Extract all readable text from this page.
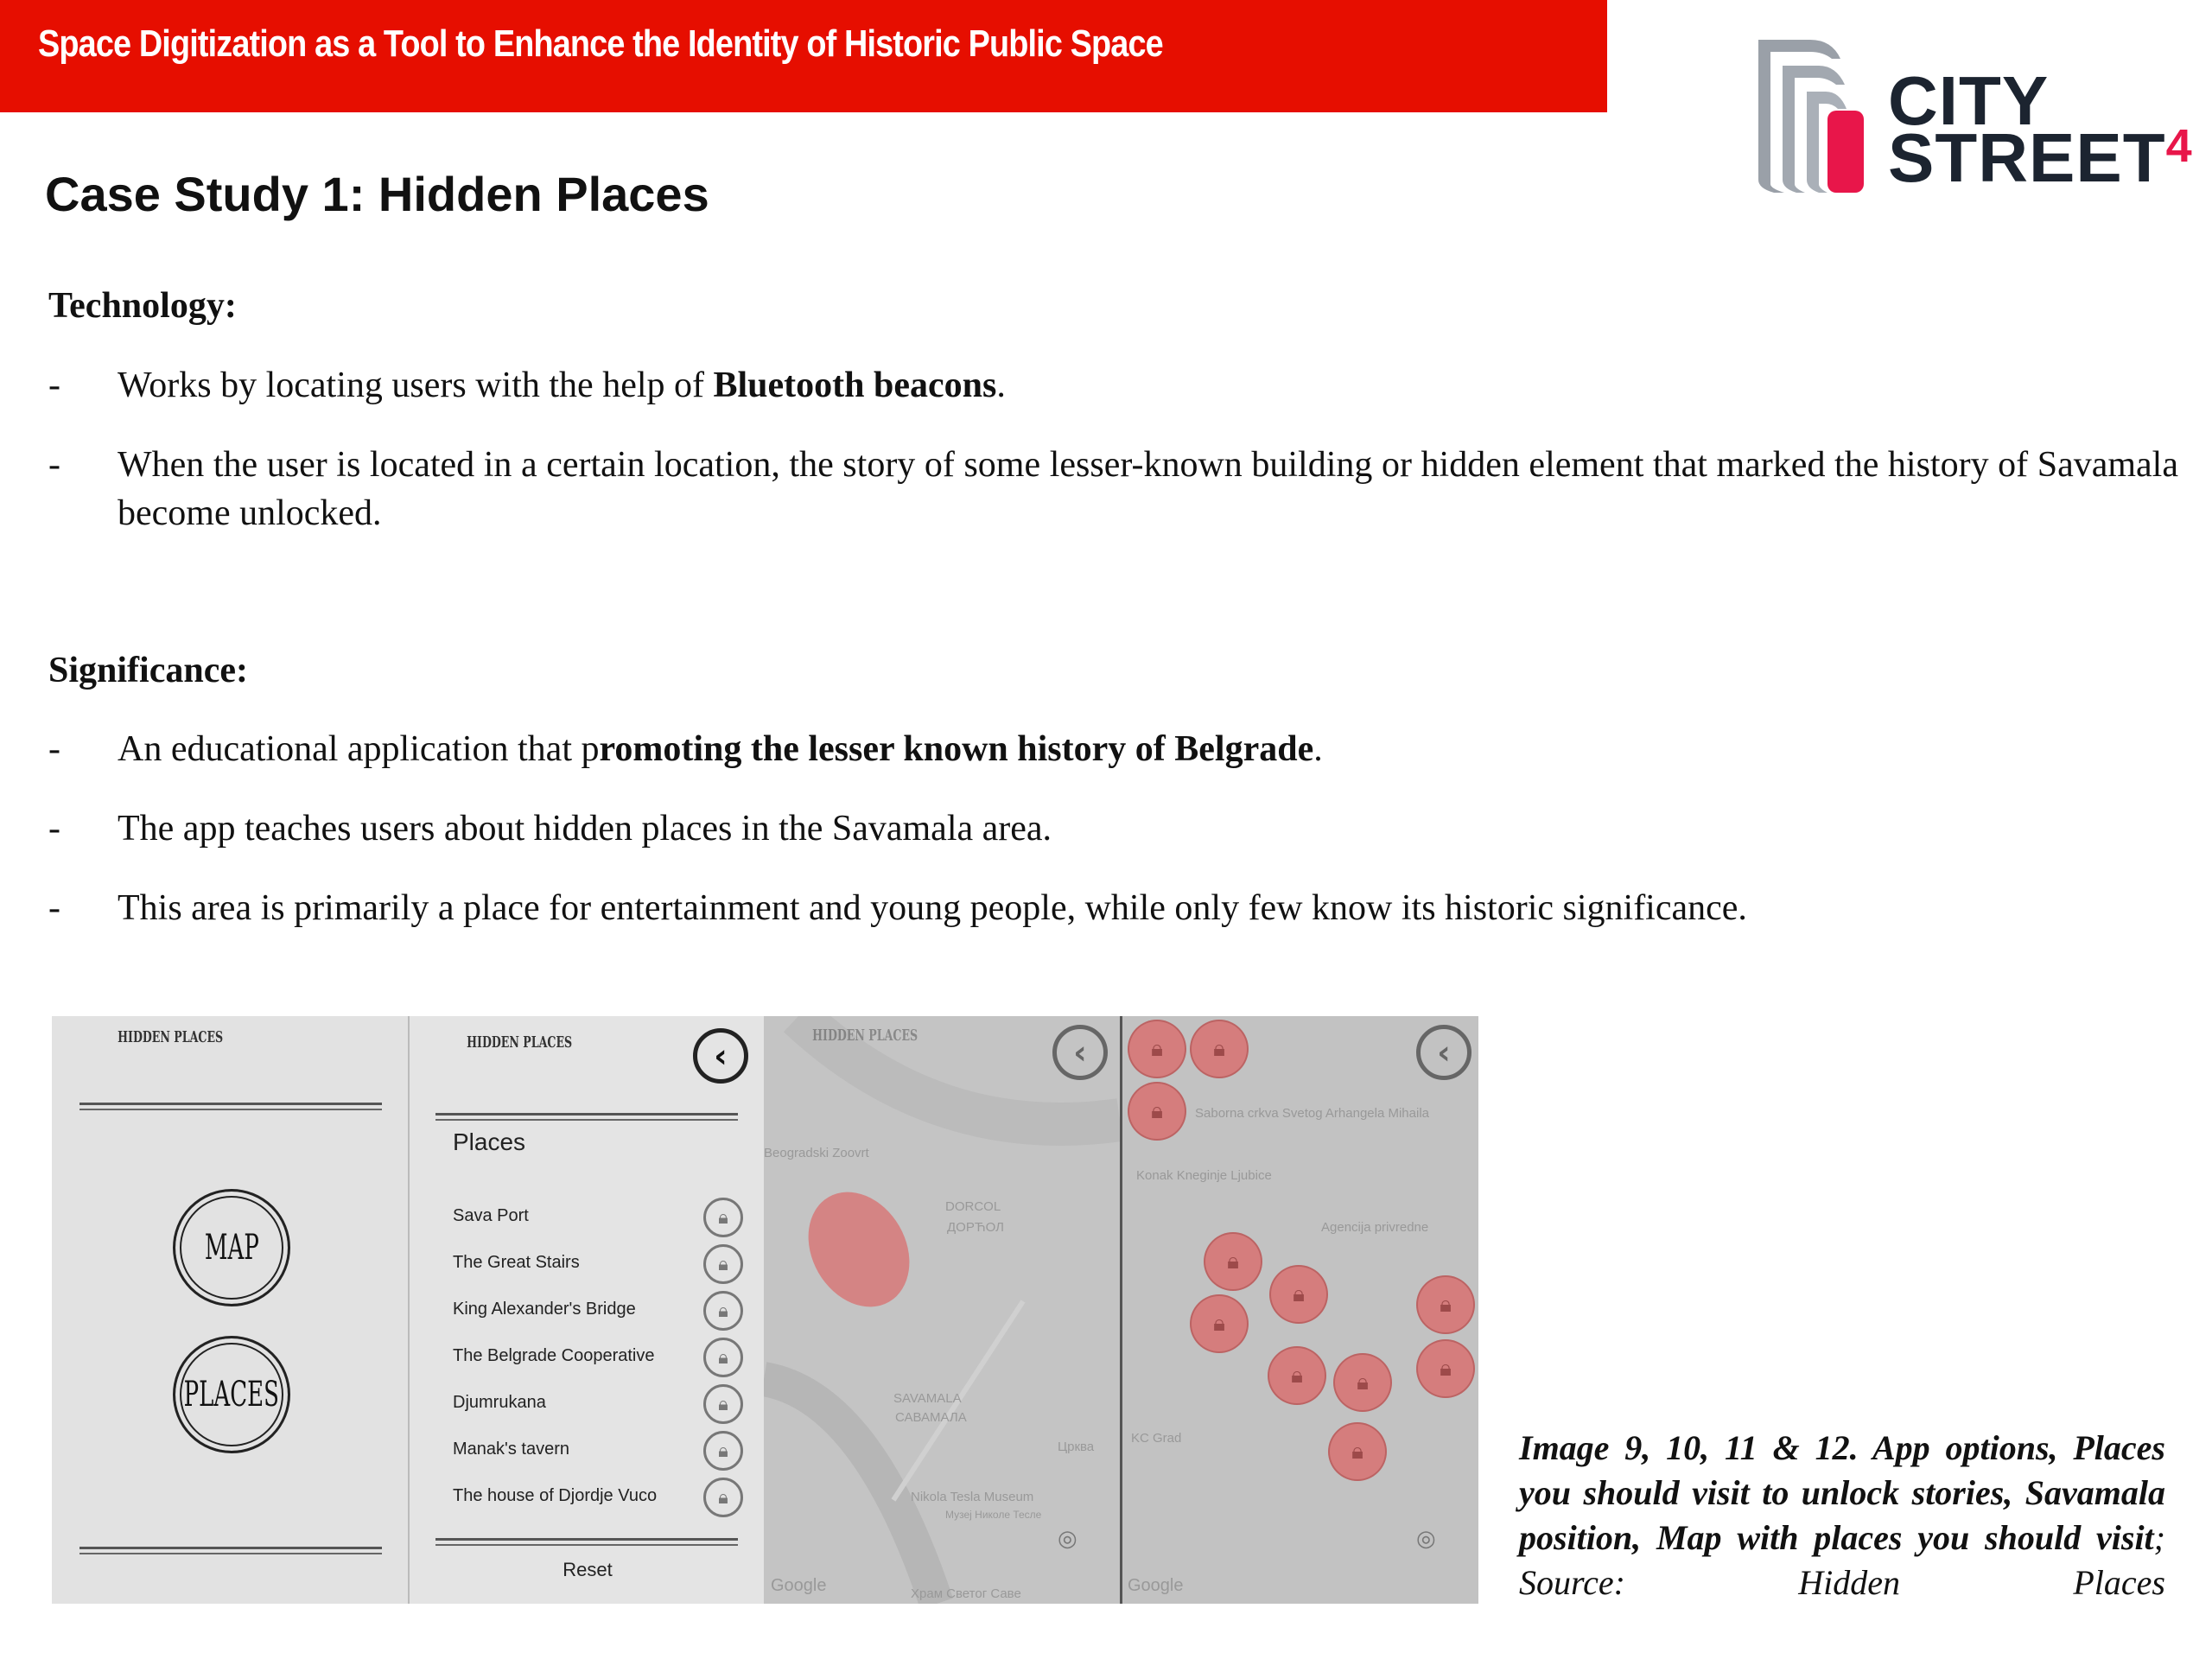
Space Digitization as a Tool to Enhance the Identity of Historic Public Space
CITY
STREET$^4$
Case Study 1: Hidden Places
Technology:
- Works by locating users with the help of Bluetooth beacons.
- When the user is located in a certain location, the story of some lesser-known building or hidden element that marked the history of Savamala become unlocked.
Significance:
- An educational application that promoting the lesser known history of Belgrade.
- The app teaches users about hidden places in the Savamala area.
- This area is primarily a place for entertainment and young people, while only few know its historic significance.
HIDDEN PLACES
MAP
PLACES
HIDDEN PLACES	‹
Places
Sava Port	🔒︎
The Great Stairs	🔒︎
King Alexander's Bridge	🔒︎
The Belgrade Cooperative	🔒︎
Djumrukana	🔒︎
Manak's tavern	🔒︎
The house of Djordje Vuco	🔒︎
Reset
HIDDEN PLACES	‹
Beogradski Zoovrt
DORCOL
ДОРЋОЛ
SAVAMALA
САВАМАЛА
Nikola Tesla Museum
Музеј Николе Тесле
Храм Светог Саве
Црква
Google
◎
‹
Saborna crkva Svetog Arhangela Mihaila
Konak Kneginje Ljubice
KC Grad
Agencija privredne
🔒︎	🔒︎
🔒︎
🔒︎
🔒︎
🔒︎
🔒︎	🔒︎
🔒︎
🔒︎
🔒︎
Google
◎
Image 9, 10, 11 & 12. App options, Places you should visit to unlock stories, Savamala position, Map with places you should visit; Source: Hidden Places
